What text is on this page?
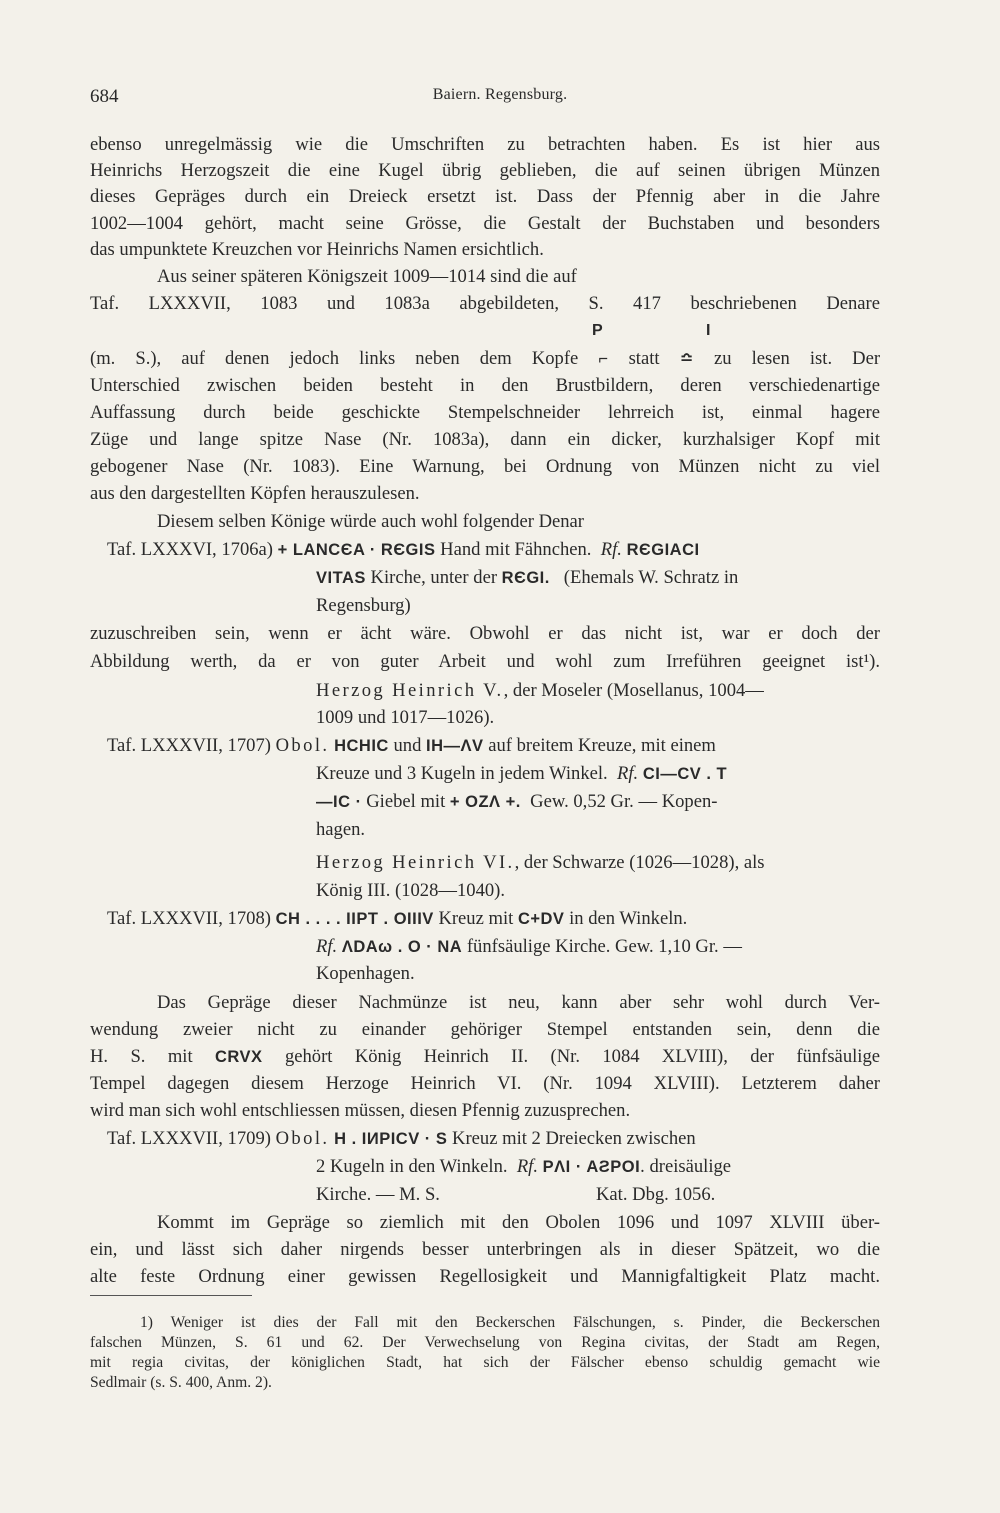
684	Baiern. Regensburg.
ebenso unregelmässig wie die Umschriften zu betrachten haben. Es ist hier aus
Heinrichs Herzogszeit die eine Kugel übrig geblieben, die auf seinen übrigen Münzen
dieses Gepräges durch ein Dreieck ersetzt ist. Dass der Pfennig aber in die Jahre
1002—1004 gehört, macht seine Grösse, die Gestalt der Buchstaben und besonders
das umpunktete Kreuzchen vor Heinrichs Namen ersichtlich.
Aus seiner späteren Königszeit 1009—1014 sind die auf
Taf. LXXXVII, 1083 und 1083a abgebildeten, S. 417 beschriebenen Denare
P	I
(m. S.), auf denen jedoch links neben dem Kopfe ⌐ statt ≏ zu lesen ist. Der
Unterschied zwischen beiden besteht in den Brustbildern, deren verschiedenartige
Auffassung durch beide geschickte Stempelschneider lehrreich ist, einmal hagere
Züge und lange spitze Nase (Nr. 1083a), dann ein dicker, kurzhalsiger Kopf mit
gebogener Nase (Nr. 1083). Eine Warnung, bei Ordnung von Münzen nicht zu viel
aus den dargestellten Köpfen herauszulesen.
Diesem selben Könige würde auch wohl folgender Denar
Taf. LXXXVI, 1706a) + LANCЄA · RЄGIS Hand mit Fähnchen. Rf. RЄGIACI
VITAS Kirche, unter der RЄGI. (Ehemals W. Schratz in
Regensburg)
zuzuschreiben sein, wenn er ächt wäre. Obwohl er das nicht ist, war er doch der
Abbildung werth, da er von guter Arbeit und wohl zum Irreführen geeignet ist¹).
Herzog Heinrich V., der Moseler (Mosellanus, 1004—
1009 und 1017—1026).
Taf. LXXXVII, 1707) Obol. HCHIC und IH—ΛV auf breitem Kreuze, mit einem
Kreuze und 3 Kugeln in jedem Winkel. Rf. CI—CV . T
—IC · Giebel mit + OZΛ +. Gew. 0,52 Gr. — Kopen-
hagen.
Herzog Heinrich VI., der Schwarze (1026—1028), als
König III. (1028—1040).
Taf. LXXXVII, 1708) CH . . . . IIPT . OIIIV Kreuz mit C+DV in den Winkeln.
Rf. ΛDAω . O · NA fünfsäulige Kirche. Gew. 1,10 Gr. —
Kopenhagen.
Das Gepräge dieser Nachmünze ist neu, kann aber sehr wohl durch Ver-
wendung zweier nicht zu einander gehöriger Stempel entstanden sein, denn die
H. S. mit CRVX gehört König Heinrich II. (Nr. 1084 XLVIII), der fünfsäulige
Tempel dagegen diesem Herzoge Heinrich VI. (Nr. 1094 XLVIII). Letzterem daher
wird man sich wohl entschliessen müssen, diesen Pfennig zuzusprechen.
Taf. LXXXVII, 1709) Obol. H . IИPICV · S Kreuz mit 2 Dreiecken zwischen
2 Kugeln in den Winkeln. Rf. PΛI · AƧPOI. dreisäulige
Kirche. — M. S.	Kat. Dbg. 1056.
Kommt im Gepräge so ziemlich mit den Obolen 1096 und 1097 XLVIII über-
ein, und lässt sich daher nirgends besser unterbringen als in dieser Spätzeit, wo die
alte feste Ordnung einer gewissen Regellosigkeit und Mannigfaltigkeit Platz macht.
1) Weniger ist dies der Fall mit den Beckerschen Fälschungen, s. Pinder, die Beckerschen
falschen Münzen, S. 61 und 62. Der Verwechselung von Regina civitas, der Stadt am Regen,
mit regia civitas, der königlichen Stadt, hat sich der Fälscher ebenso schuldig gemacht wie
Sedlmair (s. S. 400, Anm. 2).
